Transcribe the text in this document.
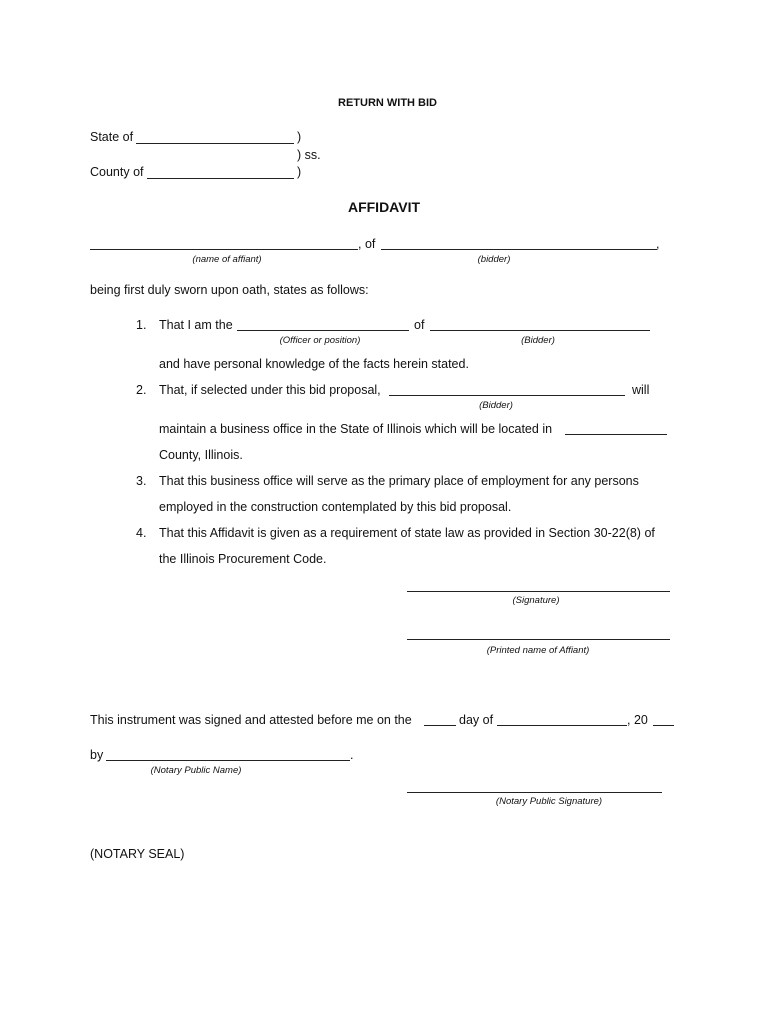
RETURN WITH BID
State of	)
) ss.
County of	)
AFFIDAVIT
, of	,
(name of affiant)	(bidder)
being first duly sworn upon oath, states as follows:
1. That I am the	of
(Officer or position)	(Bidder)
and have personal knowledge of the facts herein stated.
2. That, if selected under this bid proposal,	will
(Bidder)
maintain a business office in the State of Illinois which will be located in
County, Illinois.
3. That this business office will serve as the primary place of employment for any persons
employed in the construction contemplated by this bid proposal.
4. That this Affidavit is given as a requirement of state law as provided in Section 30-22(8) of
the Illinois Procurement Code.
(Signature)
(Printed name of Affiant)
This instrument was signed and attested before me on the	day of	, 20
by	.
(Notary Public Name)
(Notary Public Signature)
(NOTARY SEAL)
